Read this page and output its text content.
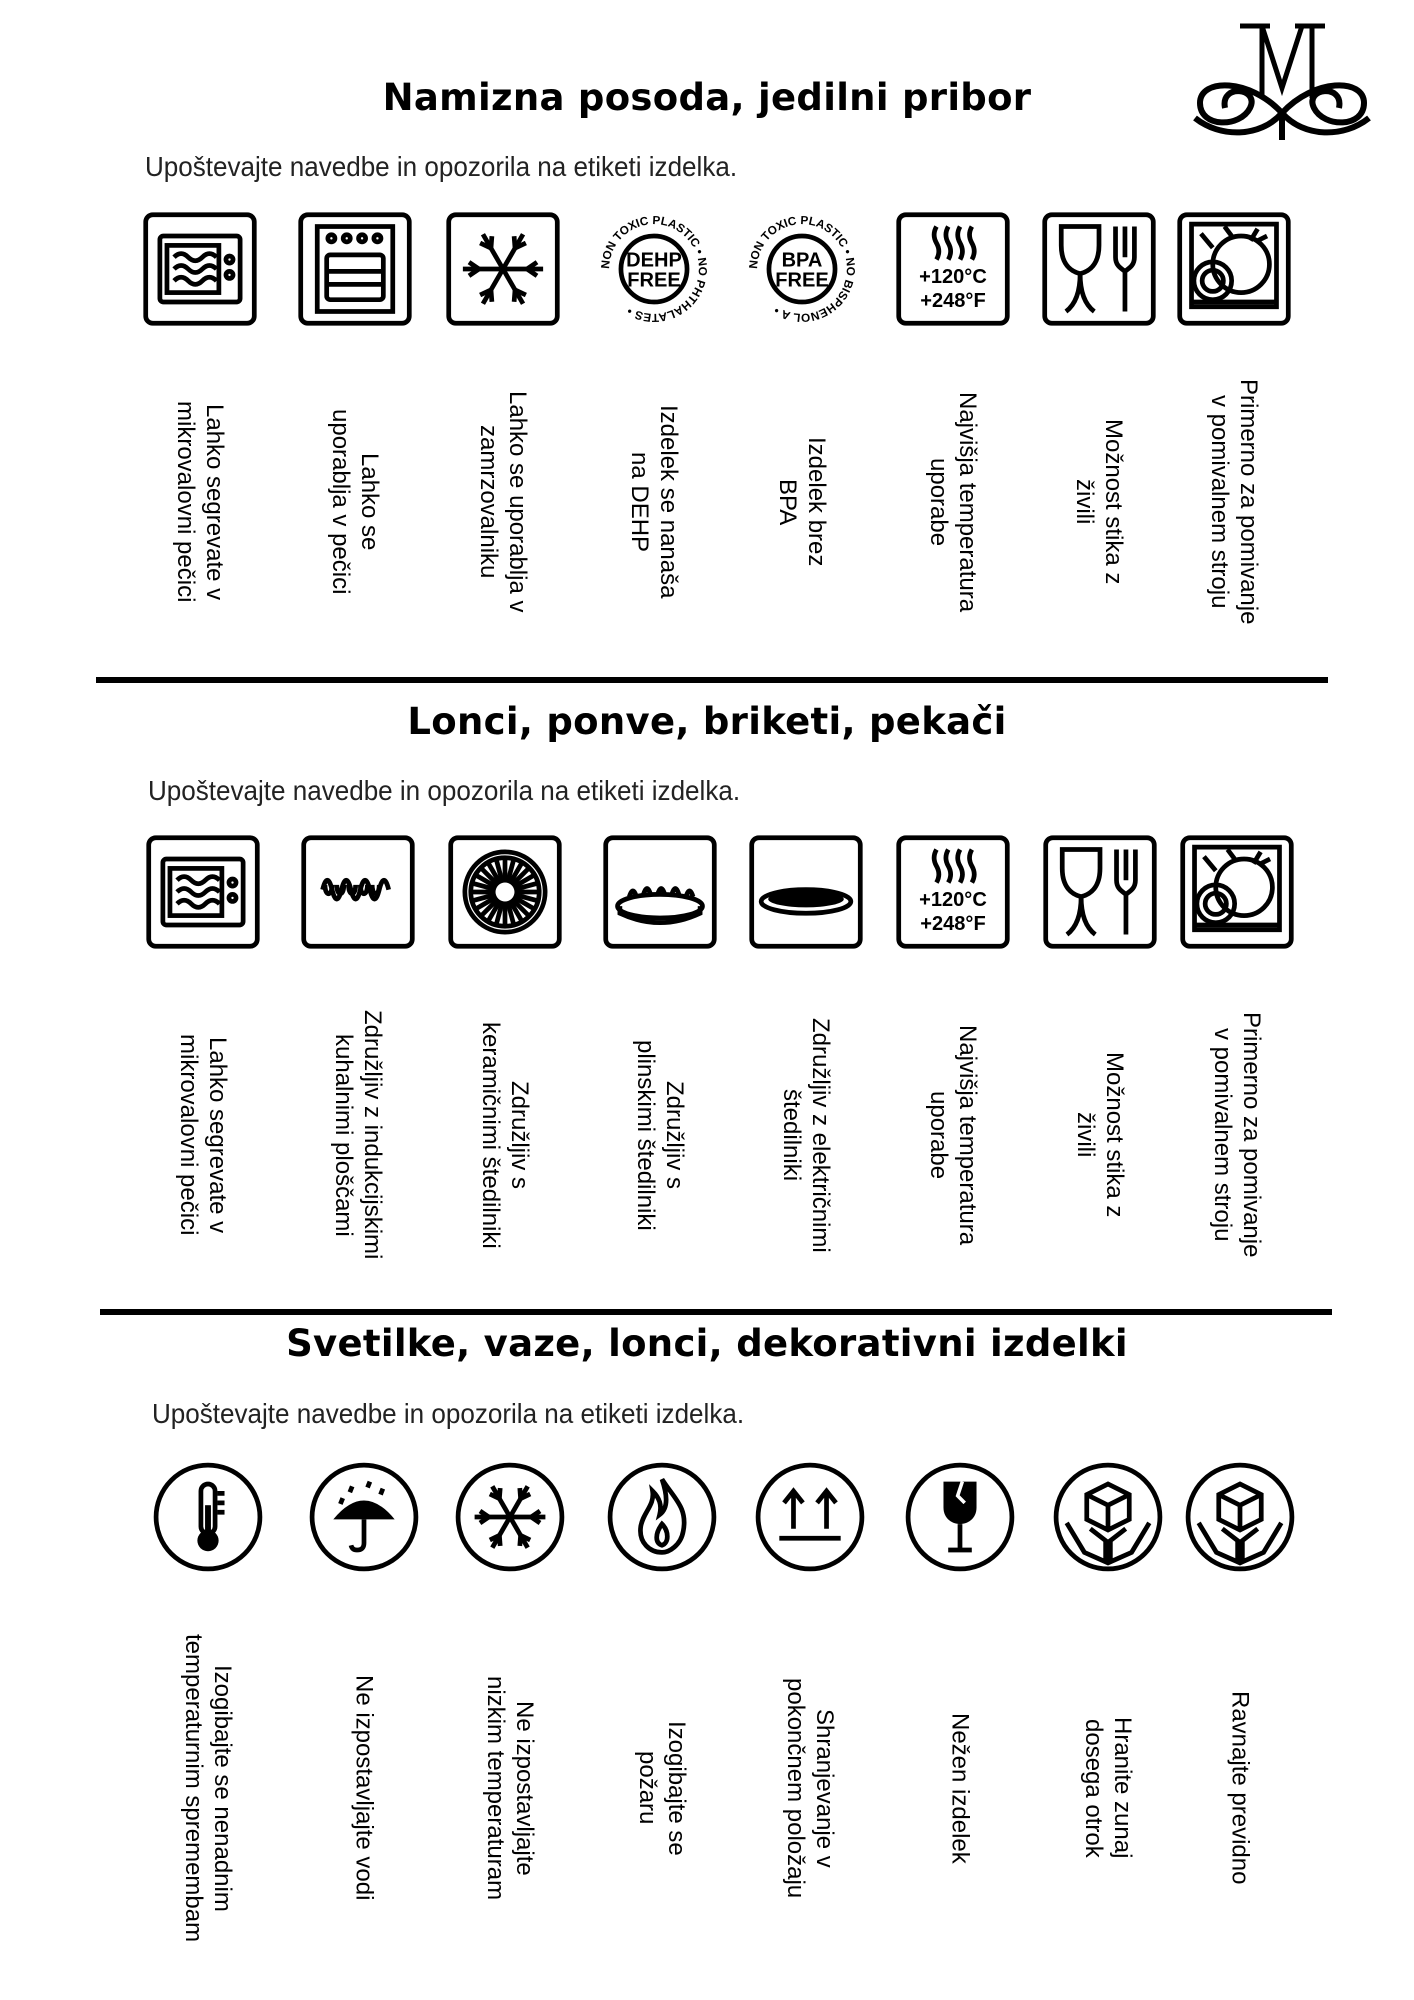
Namizna posoda, jedilni pribor
Upoštevajte navedbe in opozorila na etiketi izdelka.
Lahko segrevate v
mikrovalovni pečici
Lahko se
uporablja v pečici
Lahko se uporablja v
zamrzovalniku
NON TOXIC PLASTIC • NO PHTHALATES •
DEHP
FREE
Izdelek se nanaša
na DEHP
NON TOXIC PLASTIC • NO BISPHENOL A •
BPA
FREE
Izdelek brez
BPA
+120°C
+248°F
Najvišja temperatura
uporabe	Možnost stika z
živili
Primerno za pomivanje
v pomivalnem stroju
Lonci, ponve, briketi, pekači
Upoštevajte navedbe in opozorila na etiketi izdelka.
Lahko segrevate v
mikrovalovni pečici
Združljiv z indukcijskimi
kuhalnimi ploščami
Združljiv s
keramičnimi štedilniki
Združljiv s
plinskimi štedilniki
Združljiv z električnimi
štedilniki
+120°C
+248°F
Najvišja temperatura
uporabe	Možnost stika z
živili
Primerno za pomivanje
v pomivalnem stroju
Svetilke, vaze, lonci, dekorativni izdelki
Upoštevajte navedbe in opozorila na etiketi izdelka.
Izogibajte se nenadnim
temperaturnim spremembam	Ne izpostavljajte vodi	Ne izpostavljajte
nizkim temperaturam	Izogibajte se
požaru	Shranjevanje v
pokončnem položaju	Nežen izdelek	Hranite zunaj
dosega otrok	Ravnajte previdno
